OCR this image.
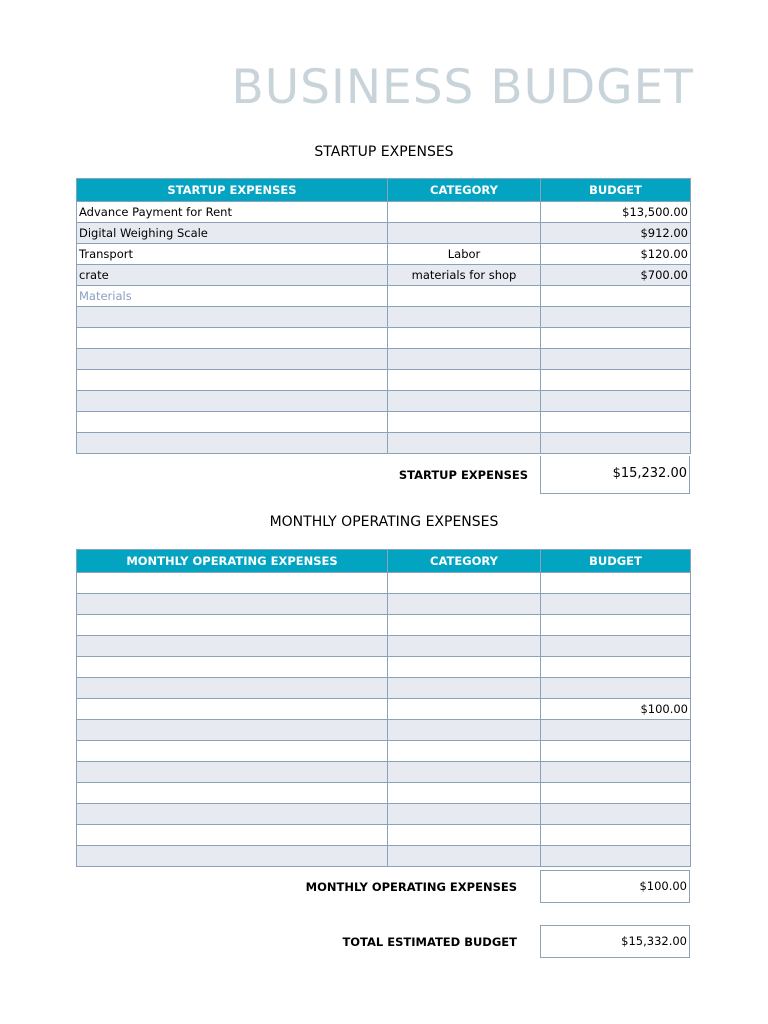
BUSINESS BUDGET
STARTUP EXPENSES
STARTUP EXPENSES	CATEGORY	BUDGET
Advance Payment for Rent		$13,500.00
Digital Weighing Scale		$912.00
Transport	Labor	$120.00
crate	materials for shop	$700.00
Materials		

STARTUP EXPENSES	$15,232.00
MONTHLY OPERATING EXPENSES
MONTHLY OPERATING EXPENSES	CATEGORY	BUDGET

		$100.00

MONTHLY OPERATING EXPENSES	$100.00
TOTAL ESTIMATED BUDGET	$15,332.00
